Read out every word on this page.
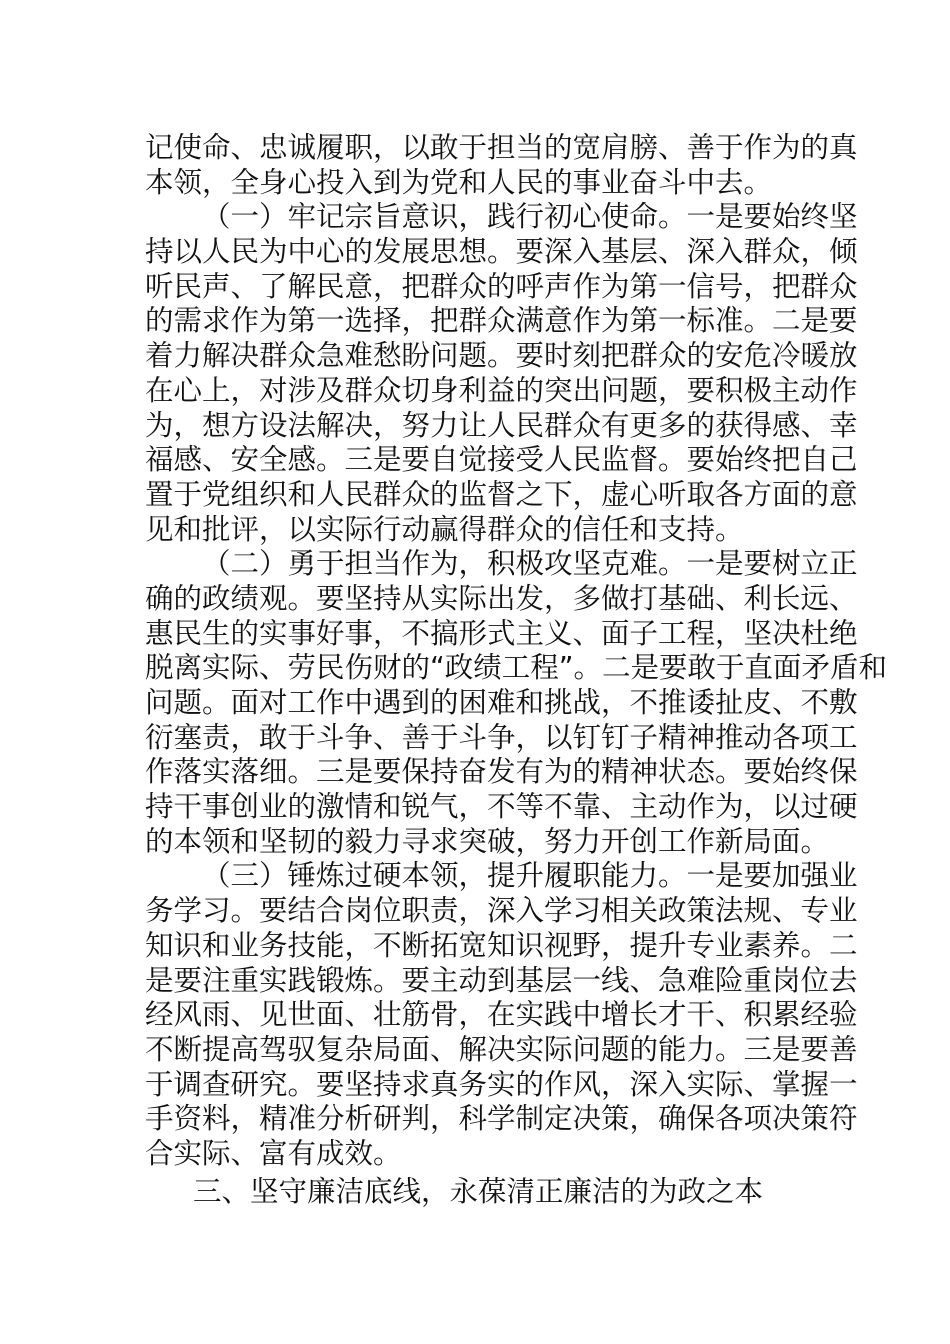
记使命、忠诚履职，以敢于担当的宽肩膀、善于作为的真
本领，全身心投入到为党和人民的事业奋斗中去。
（一）牢记宗旨意识，践行初心使命。一是要始终坚
持以人民为中心的发展思想。要深入基层、深入群众，倾
听民声、了解民意，把群众的呼声作为第一信号，把群众
的需求作为第一选择，把群众满意作为第一标准。二是要
着力解决群众急难愁盼问题。要时刻把群众的安危冷暖放
在心上，对涉及群众切身利益的突出问题，要积极主动作
为，想方设法解决，努力让人民群众有更多的获得感、幸
福感、安全感。三是要自觉接受人民监督。要始终把自己
置于党组织和人民群众的监督之下，虚心听取各方面的意
见和批评，以实际行动赢得群众的信任和支持。
（二）勇于担当作为，积极攻坚克难。一是要树立正
确的政绩观。要坚持从实际出发，多做打基础、利长远、
惠民生的实事好事，不搞形式主义、面子工程，坚决杜绝
脱离实际、劳民伤财的“政绩工程”。二是要敢于直面矛盾和
问题。面对工作中遇到的困难和挑战，不推诿扯皮、不敷
衍塞责，敢于斗争、善于斗争，以钉钉子精神推动各项工
作落实落细。三是要保持奋发有为的精神状态。要始终保
持干事创业的激情和锐气，不等不靠、主动作为，以过硬
的本领和坚韧的毅力寻求突破，努力开创工作新局面。
（三）锤炼过硬本领，提升履职能力。一是要加强业
务学习。要结合岗位职责，深入学习相关政策法规、专业
知识和业务技能，不断拓宽知识视野，提升专业素养。二
是要注重实践锻炼。要主动到基层一线、急难险重岗位去
经风雨、见世面、壮筋骨，在实践中增长才干、积累经验
不断提高驾驭复杂局面、解决实际问题的能力。三是要善
于调查研究。要坚持求真务实的作风，深入实际、掌握一
手资料，精准分析研判，科学制定决策，确保各项决策符
合实际、富有成效。
三、坚守廉洁底线，永葆清正廉洁的为政之本
